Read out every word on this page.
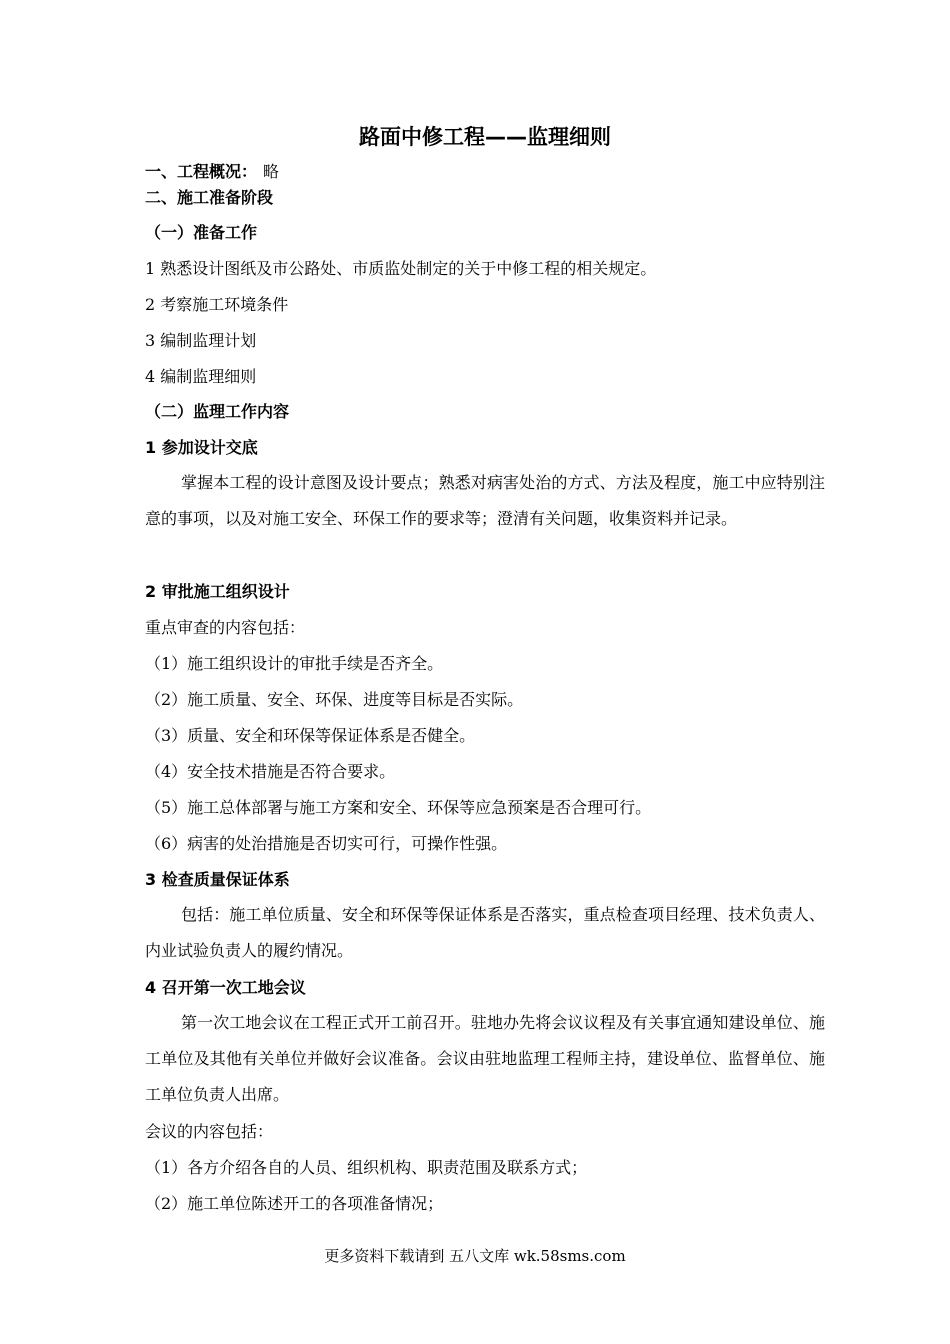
路面中修工程——监理细则
一、工程概况： 略
二、施工准备阶段
（一）准备工作
1 熟悉设计图纸及市公路处、市质监处制定的关于中修工程的相关规定。
2 考察施工环境条件
3 编制监理计划
4 编制监理细则
（二）监理工作内容
1 参加设计交底
掌握本工程的设计意图及设计要点；熟悉对病害处治的方式、方法及程度，施工中应特别注意的事项，以及对施工安全、环保工作的要求等；澄清有关问题，收集资料并记录。
2 审批施工组织设计
重点审查的内容包括：
（1）施工组织设计的审批手续是否齐全。
（2）施工质量、安全、环保、进度等目标是否实际。
（3）质量、安全和环保等保证体系是否健全。
（4）安全技术措施是否符合要求。
（5）施工总体部署与施工方案和安全、环保等应急预案是否合理可行。
（6）病害的处治措施是否切实可行，可操作性强。
3 检查质量保证体系
包括：施工单位质量、安全和环保等保证体系是否落实，重点检查项目经理、技术负责人、内业试验负责人的履约情况。
4 召开第一次工地会议
第一次工地会议在工程正式开工前召开。驻地办先将会议议程及有关事宜通知建设单位、施工单位及其他有关单位并做好会议准备。会议由驻地监理工程师主持，建设单位、监督单位、施工单位负责人出席。
会议的内容包括：
（1）各方介绍各自的人员、组织机构、职责范围及联系方式；
（2）施工单位陈述开工的各项准备情况；
更多资料下载请到 五八文库 wk.58sms.com
